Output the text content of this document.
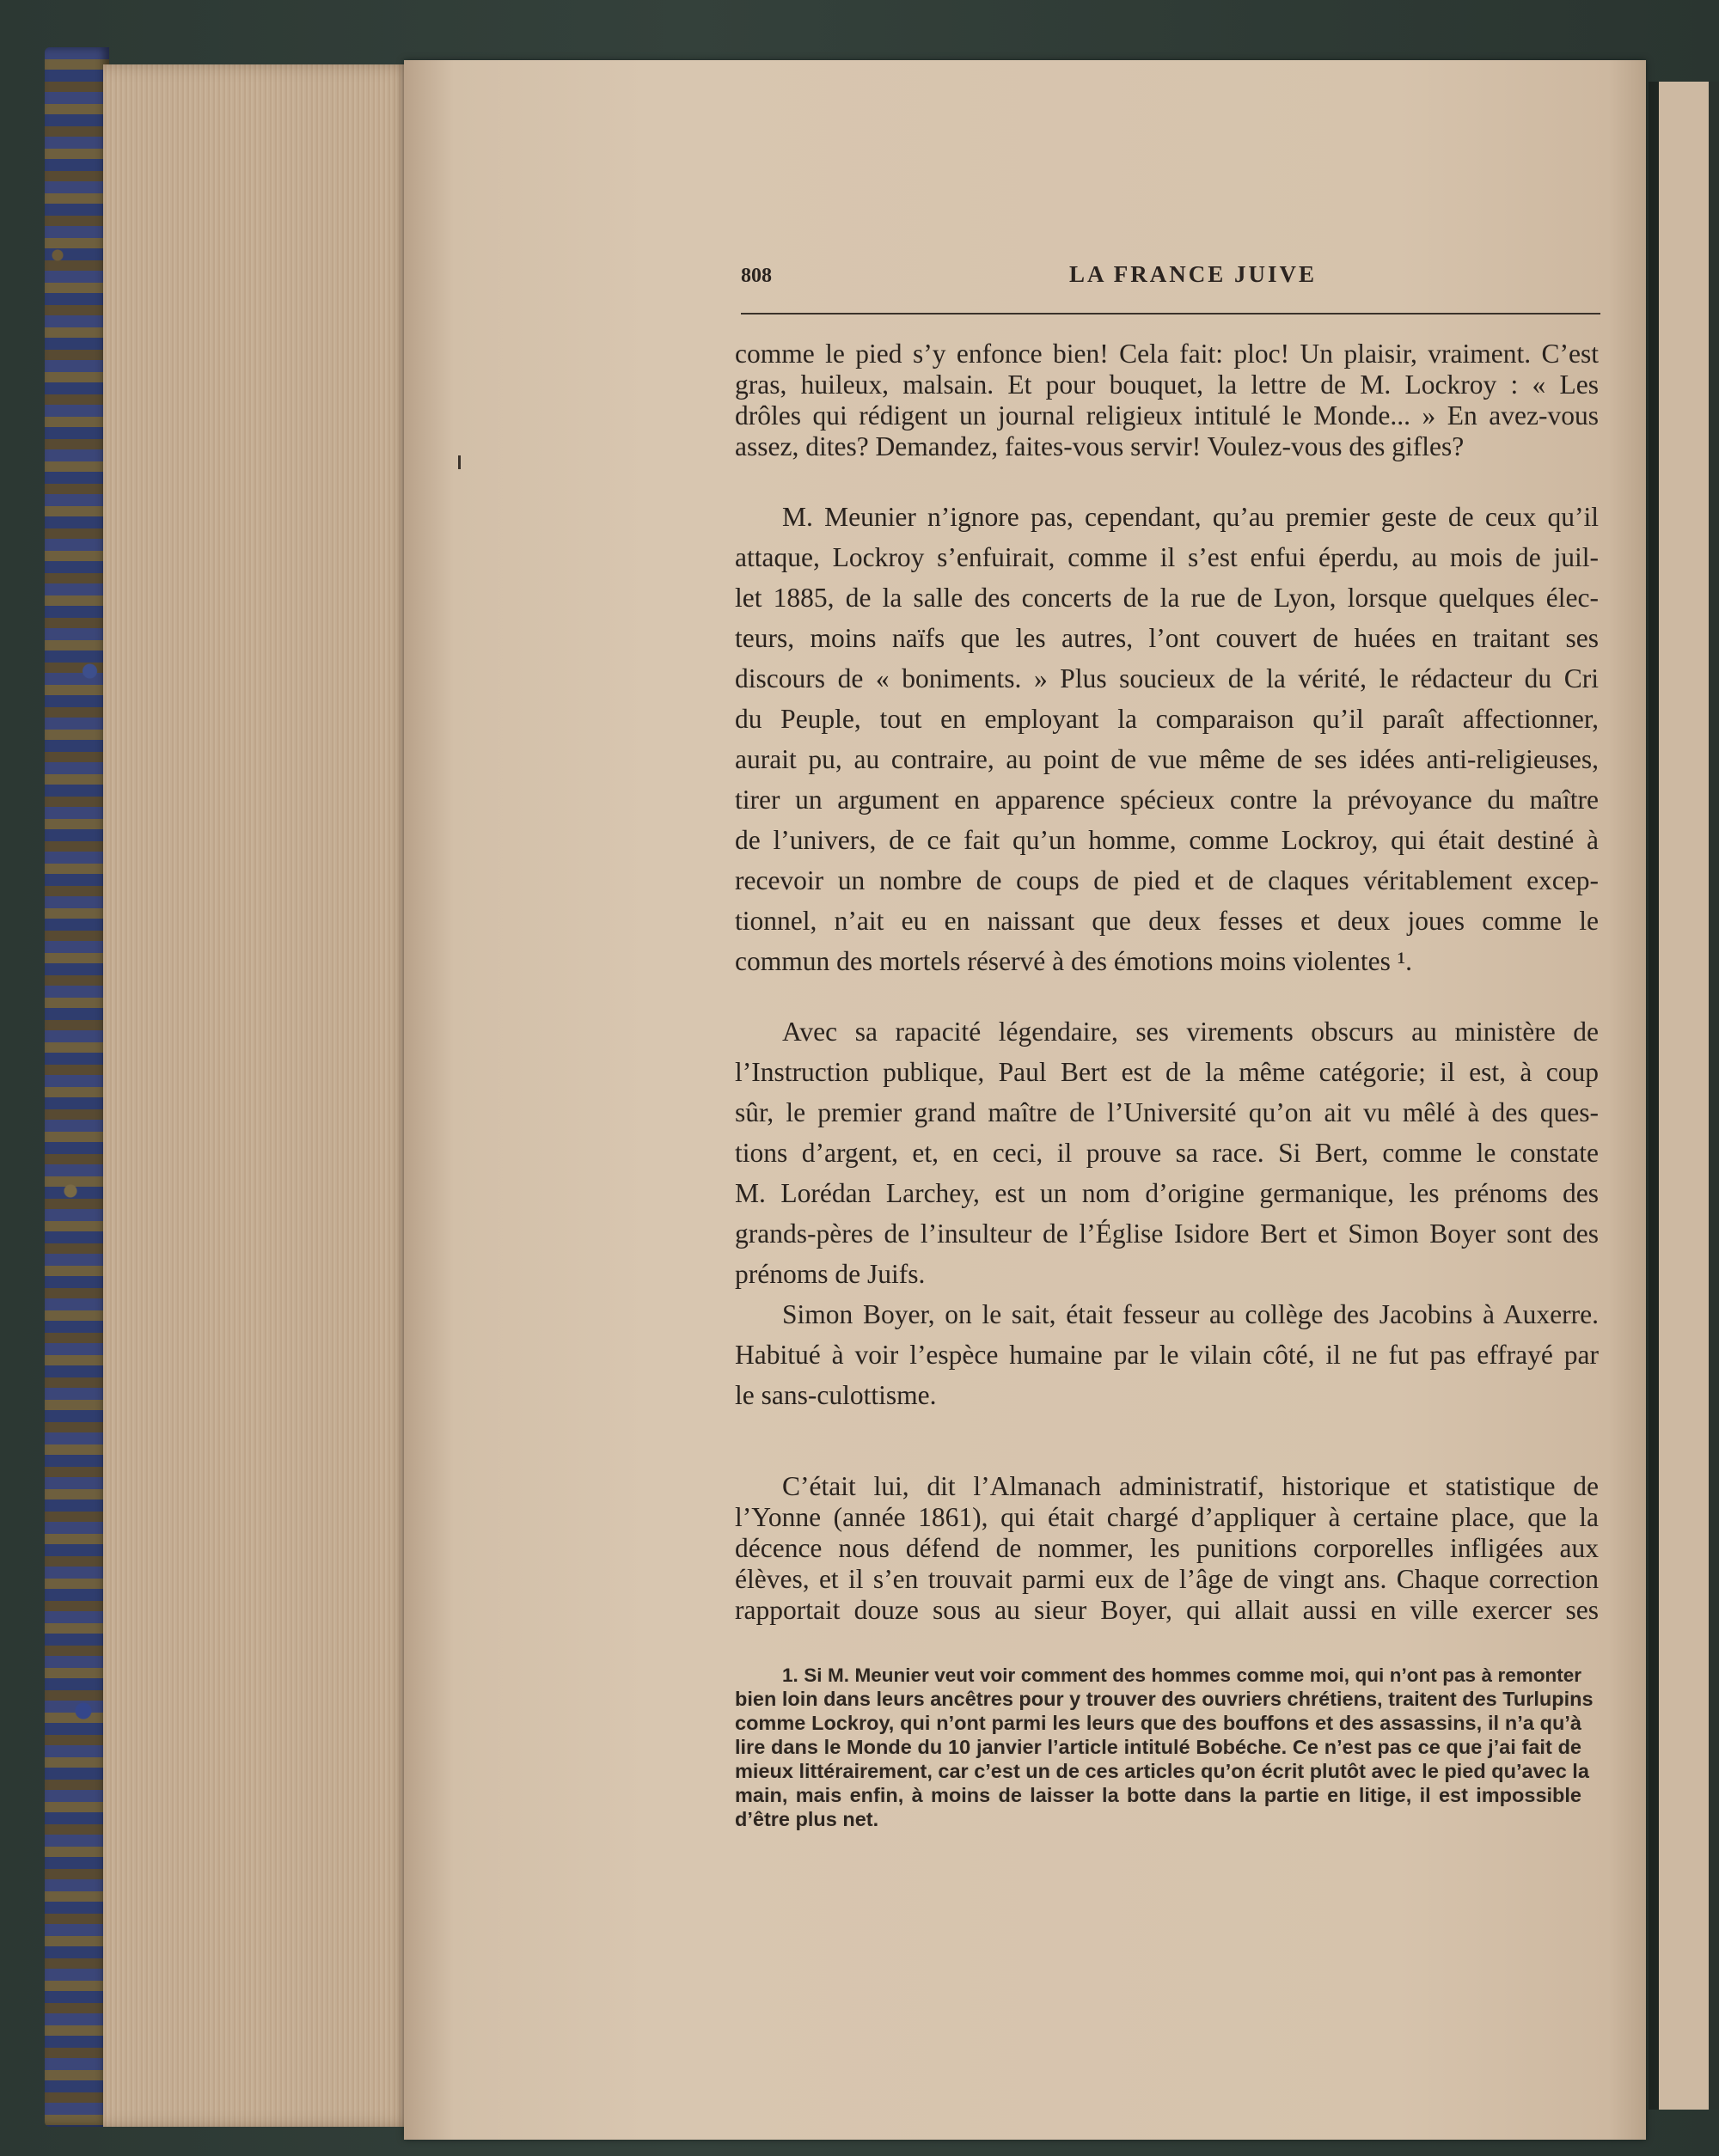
808	LA FRANCE JUIVE
comme le pied s’y enfonce bien! Cela fait: ploc! Un plaisir, vraiment. C’est
gras, huileux, malsain. Et pour bouquet, la lettre de M. Lockroy : « Les
drôles qui rédigent un journal religieux intitulé le Monde... » En avez-vous
assez, dites? Demandez, faites-vous servir! Voulez-vous des gifles?
M. Meunier n’ignore pas, cependant, qu’au premier geste de ceux qu’il
attaque, Lockroy s’enfuirait, comme il s’est enfui éperdu, au mois de juil-
let 1885, de la salle des concerts de la rue de Lyon, lorsque quelques élec-
teurs, moins naïfs que les autres, l’ont couvert de huées en traitant ses
discours de « boniments. » Plus soucieux de la vérité, le rédacteur du Cri
du Peuple, tout en employant la comparaison qu’il paraît affectionner,
aurait pu, au contraire, au point de vue même de ses idées anti-religieuses,
tirer un argument en apparence spécieux contre la prévoyance du maître
de l’univers, de ce fait qu’un homme, comme Lockroy, qui était destiné à
recevoir un nombre de coups de pied et de claques véritablement excep-
tionnel, n’ait eu en naissant que deux fesses et deux joues comme le
commun des mortels réservé à des émotions moins violentes ¹.
Avec sa rapacité légendaire, ses virements obscurs au ministère de
l’Instruction publique, Paul Bert est de la même catégorie; il est, à coup
sûr, le premier grand maître de l’Université qu’on ait vu mêlé à des ques-
tions d’argent, et, en ceci, il prouve sa race. Si Bert, comme le constate
M. Lorédan Larchey, est un nom d’origine germanique, les prénoms des
grands-pères de l’insulteur de l’Église Isidore Bert et Simon Boyer sont des
prénoms de Juifs.
Simon Boyer, on le sait, était fesseur au collège des Jacobins à Auxerre.
Habitué à voir l’espèce humaine par le vilain côté, il ne fut pas effrayé par
le sans-culottisme.
C’était lui, dit l’Almanach administratif, historique et statistique de
l’Yonne (année 1861), qui était chargé d’appliquer à certaine place, que la
décence nous défend de nommer, les punitions corporelles infligées aux
élèves, et il s’en trouvait parmi eux de l’âge de vingt ans. Chaque correction
rapportait douze sous au sieur Boyer, qui allait aussi en ville exercer ses
1. Si M. Meunier veut voir comment des hommes comme moi, qui n’ont pas à remonter
bien loin dans leurs ancêtres pour y trouver des ouvriers chrétiens, traitent des Turlupins
comme Lockroy, qui n’ont parmi les leurs que des bouffons et des assassins, il n’a qu’à
lire dans le Monde du 10 janvier l’article intitulé Bobéche. Ce n’est pas ce que j’ai fait de
mieux littérairement, car c’est un de ces articles qu’on écrit plutôt avec le pied qu’avec la
main, mais enfin, à moins de laisser la botte dans la partie en litige, il est impossible
d’être plus net.
